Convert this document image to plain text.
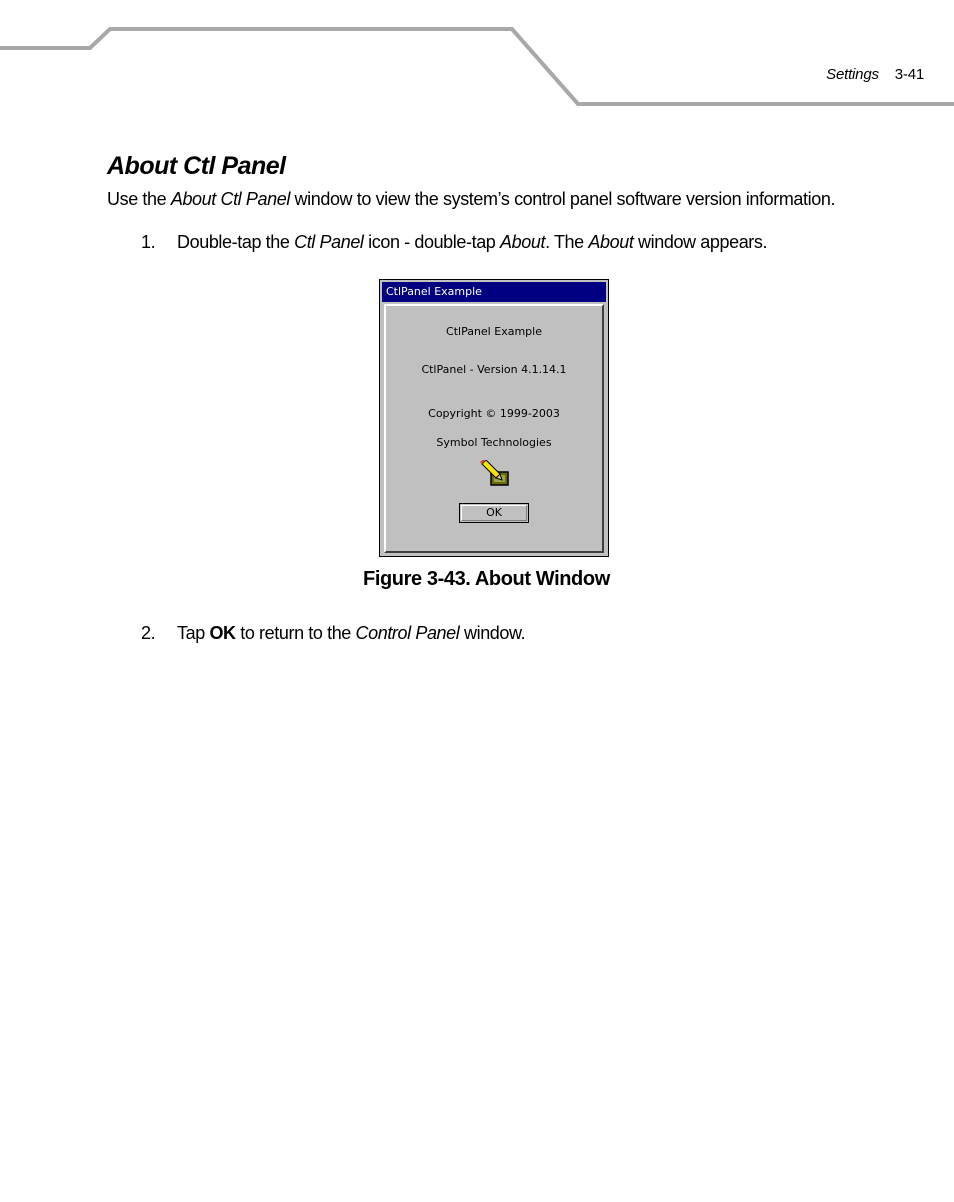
Settings 3-41
About Ctl Panel
Use the About Ctl Panel window to view the system’s control panel software version information.
1. Double-tap the Ctl Panel icon - double-tap About. The About window appears.
CtlPanel Example
CtlPanel Example
CtlPanel - Version 4.1.14.1
Copyright © 1999-2003
Symbol Technologies
OK
Figure 3-43. About Window
2. Tap OK to return to the Control Panel window.
